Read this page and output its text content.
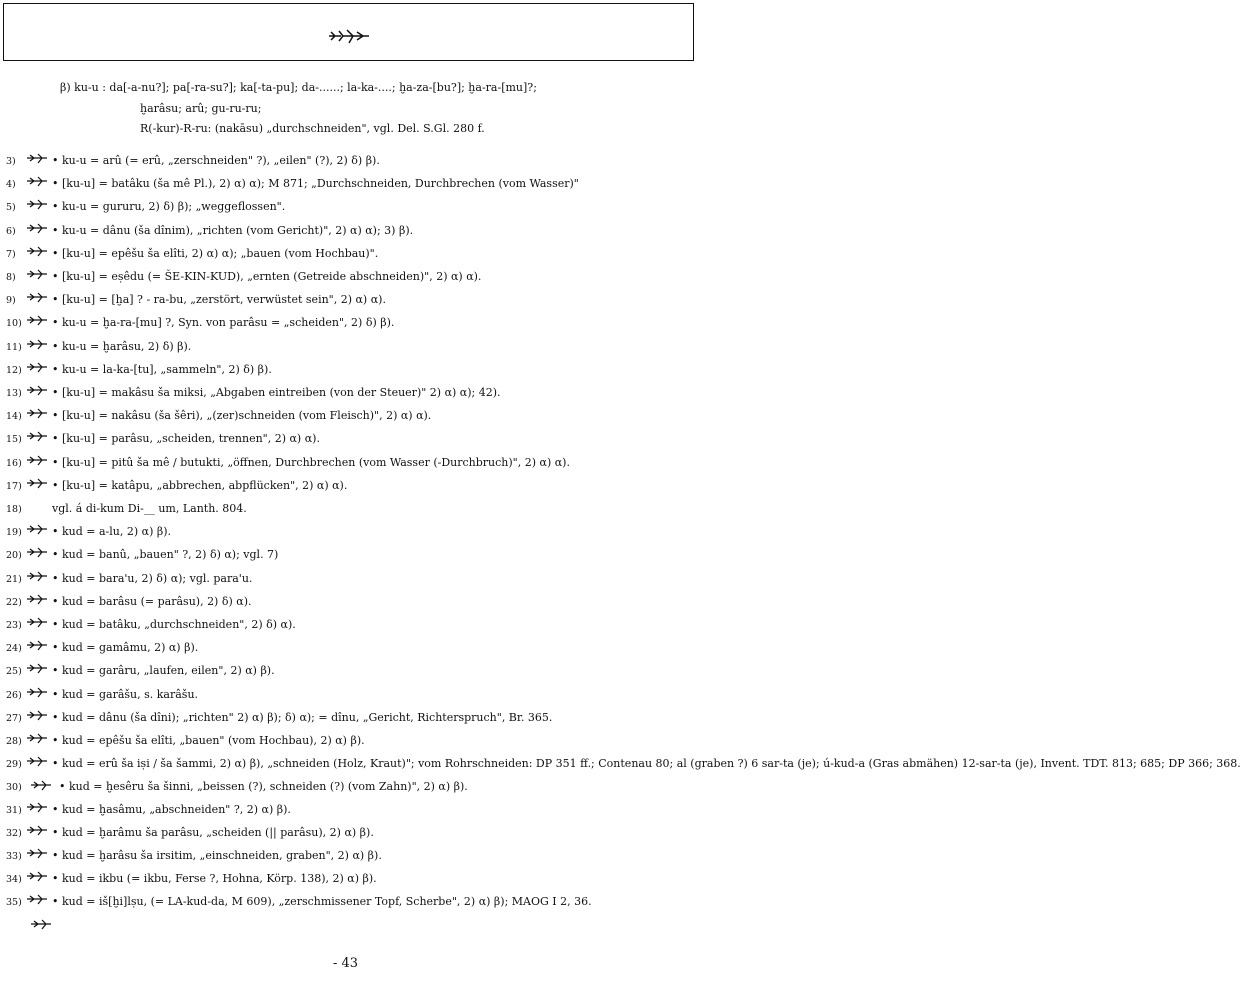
β) ku-u : da[-a-nu?]; pa[-ra-su?]; ka[-ta-pu]; da-......; la-ka-....; ḫa-za-[bu?]; ḫa-ra-[mu]?;
ḫarâsu; arû; gu-ru-ru;
R(-kur)-R-ru: (nakāsu) „durchschneiden", vgl. Del. S.Gl. 280 f.
3)	• ku-u = arû (= erû, „zerschneiden" ?), „eilen" (?), 2) δ) β).
4)	• [ku-u] = batâku (ša mê Pl.), 2) α) α); M 871; „Durchschneiden, Durchbrechen (vom Wasser)"
5)	• ku-u = gururu, 2) δ) β); „weggeflossen".
6)	• ku-u = dânu (ša dînim), „richten (vom Gericht)", 2) α) α); 3) β).
7)	• [ku-u] = epêšu ša elîti, 2) α) α); „bauen (vom Hochbau)".
8)	• [ku-u] = eṣêdu (= ŠE-KIN-KUD), „ernten (Getreide abschneiden)", 2) α) α).
9)	• [ku-u] = [ḫa] ? - ra-bu, „zerstört, verwüstet sein", 2) α) α).
10)	• ku-u = ḫa-ra-[mu] ?, Syn. von parâsu = „scheiden", 2) δ) β).
11)	• ku-u = ḫarâsu, 2) δ) β).
12)	• ku-u = la-ka-[tu], „sammeln", 2) δ) β).
13)	• [ku-u] = makâsu ša miksi, „Abgaben eintreiben (von der Steuer)" 2) α) α); 42).
14)	• [ku-u] = nakâsu (ša šêri), „(zer)schneiden (vom Fleisch)", 2) α) α).
15)	• [ku-u] = parâsu, „scheiden, trennen", 2) α) α).
16)	• [ku-u] = pitû ša mê / butukti, „öffnen, Durchbrechen (vom Wasser (-Durchbruch)", 2) α) α).
17)	• [ku-u] = katâpu, „abbrechen, abpflücken", 2) α) α).
18)	vgl. á di-kum Di-__ um, Lanth. 804.
19)	• kud = a-lu, 2) α) β).
20)	• kud = banû, „bauen" ?, 2) δ) α); vgl. 7)
21)	• kud = bara'u, 2) δ) α); vgl. para'u.
22)	• kud = barâsu (= parâsu), 2) δ) α).
23)	• kud = batâku, „durchschneiden", 2) δ) α).
24)	• kud = gamâmu, 2) α) β).
25)	• kud = garâru, „laufen, eilen", 2) α) β).
26)	• kud = garâšu, s. karâšu.
27)	• kud = dânu (ša dîni); „richten" 2) α) β); δ) α); = dînu, „Gericht, Richterspruch", Br. 365.
28)	• kud = epêšu ša elîti, „bauen" (vom Hochbau), 2) α) β).
29)	• kud = erû ša iṣi / ša šammi, 2) α) β), „schneiden (Holz, Kraut)"; vom Rohrschneiden: DP 351 ff.; Contenau 80; al (graben ?) 6 sar-ta (je); ú-kud-a (Gras abmähen) 12-sar-ta (je), Invent. TDT. 813; 685; DP 366; 368.
30)	• kud = ḫesêru ša šinni, „beissen (?), schneiden (?) (vom Zahn)", 2) α) β).
31)	• kud = ḫasâmu, „abschneiden" ?, 2) α) β).
32)	• kud = ḫarâmu ša parâsu, „scheiden (|| parâsu), 2) α) β).
33)	• kud = ḫarâsu ša irsitim, „einschneiden, graben", 2) α) β).
34)	• kud = ikbu (= ikbu, Ferse ?, Hohna, Körp. 138), 2) α) β).
35)	• kud = iš[ḫi]lṣu, (= LA-kud-da, M 609), „zerschmissener Topf, Scherbe", 2) α) β); MAOG I 2, 36.

- 43
